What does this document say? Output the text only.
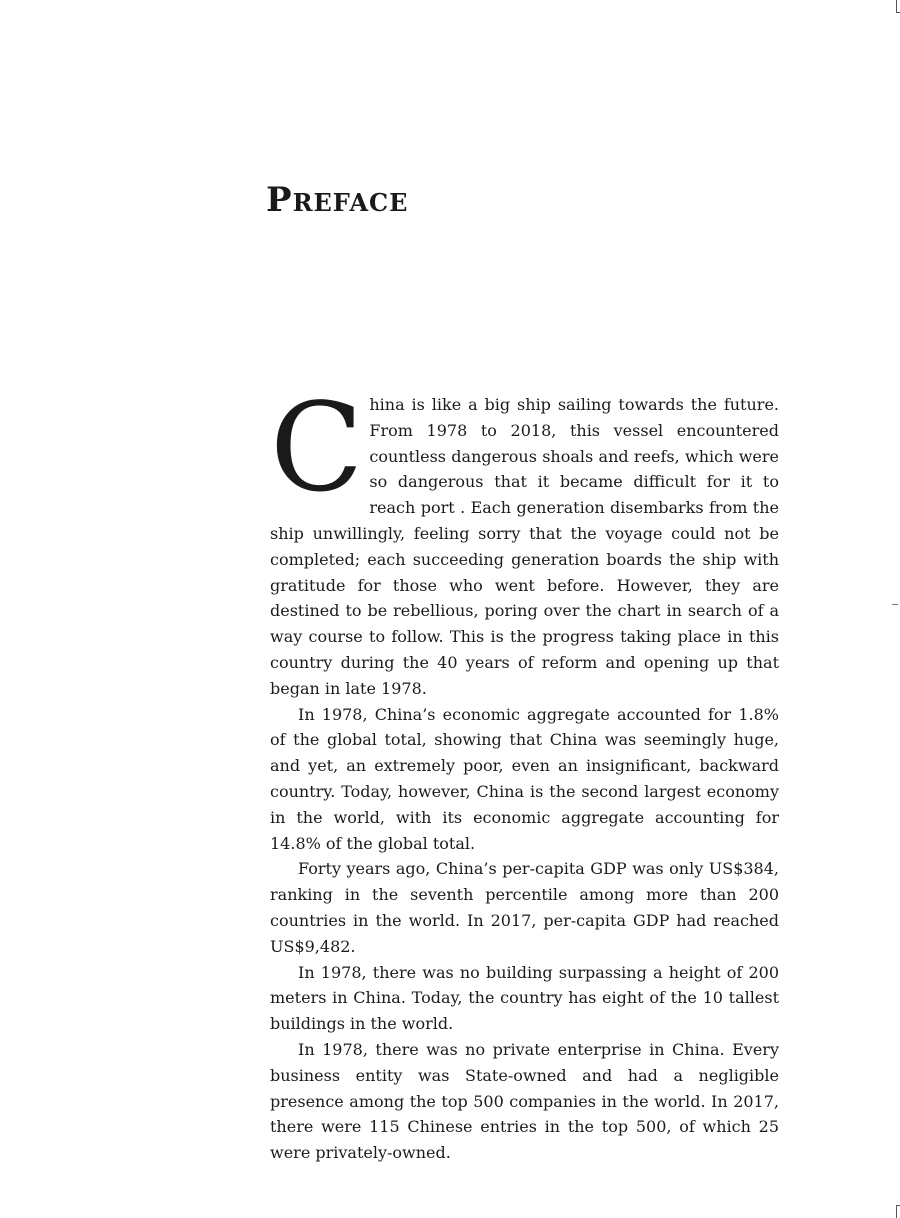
Preface

China is like a big ship sailing towards the future. From 1978 to 2018, this vessel encountered countless dangerous shoals and reefs, which were so dangerous that it became difficult for it to reach port . Each generation disembarks from the ship unwillingly, feeling sorry that the voyage could not be completed; each succeeding generation boards the ship with gratitude for those who went before. However, they are destined to be rebellious, poring over the chart in search of a way course to follow. This is the progress taking place in this country during the 40 years of reform and opening up that began in late 1978.

In 1978, China’s economic aggregate accounted for 1.8% of the global total, showing that China was seemingly huge, and yet, an extremely poor, even an insignificant, backward country. Today, however, China is the second largest economy in the world, with its economic aggregate accounting for 14.8% of the global total.

Forty years ago, China’s per-capita GDP was only US$384, ranking in the seventh percentile among more than 200 countries in the world. In 2017, per-capita GDP had reached US$9,482.

In 1978, there was no building surpassing a height of 200 meters in China. Today, the country has eight of the 10 tallest buildings in the world.

In 1978, there was no private enterprise in China. Every business entity was State-owned and had a negligible presence among the top 500 companies in the world. In 2017, there were 115 Chinese entries in the top 500, of which 25 were privately-owned.
